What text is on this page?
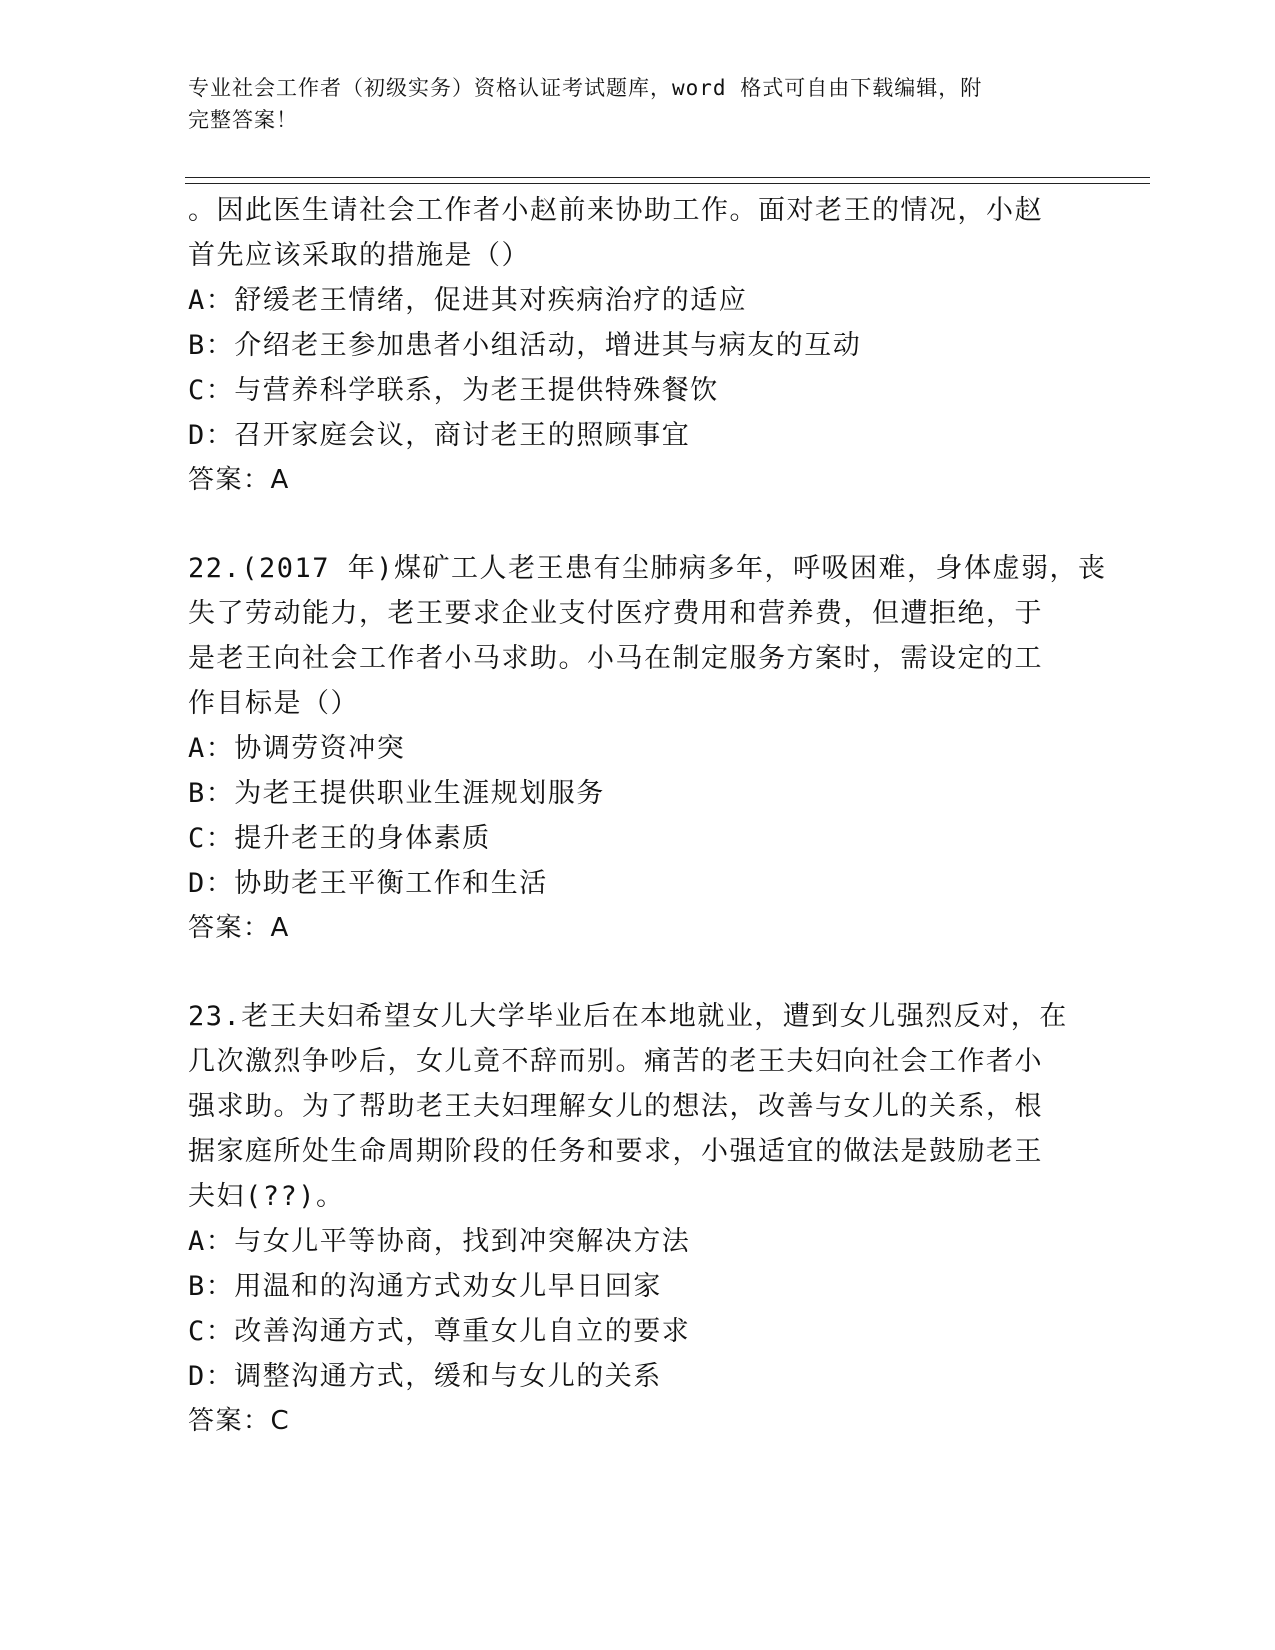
专业社会工作者（初级实务）资格认证考试题库，word 格式可自由下载编辑，附
完整答案！
。因此医生请社会工作者小赵前来协助工作。面对老王的情况，小赵
首先应该采取的措施是（）
A：舒缓老王情绪，促进其对疾病治疗的适应
B：介绍老王参加患者小组活动，增进其与病友的互动
C：与营养科学联系，为老王提供特殊餐饮
D：召开家庭会议，商讨老王的照顾事宜
答案：A
22.(2017 年)煤矿工人老王患有尘肺病多年，呼吸困难，身体虚弱，丧
失了劳动能力，老王要求企业支付医疗费用和营养费，但遭拒绝，于
是老王向社会工作者小马求助。小马在制定服务方案时，需设定的工
作目标是（）
A：协调劳资冲突
B：为老王提供职业生涯规划服务
C：提升老王的身体素质
D：协助老王平衡工作和生活
答案：A
23.老王夫妇希望女儿大学毕业后在本地就业，遭到女儿强烈反对，在
几次激烈争吵后，女儿竟不辞而别。痛苦的老王夫妇向社会工作者小
强求助。为了帮助老王夫妇理解女儿的想法，改善与女儿的关系，根
据家庭所处生命周期阶段的任务和要求，小强适宜的做法是鼓励老王
夫妇(??)。
A：与女儿平等协商，找到冲突解决方法
B：用温和的沟通方式劝女儿早日回家
C：改善沟通方式，尊重女儿自立的要求
D：调整沟通方式，缓和与女儿的关系
答案：C
